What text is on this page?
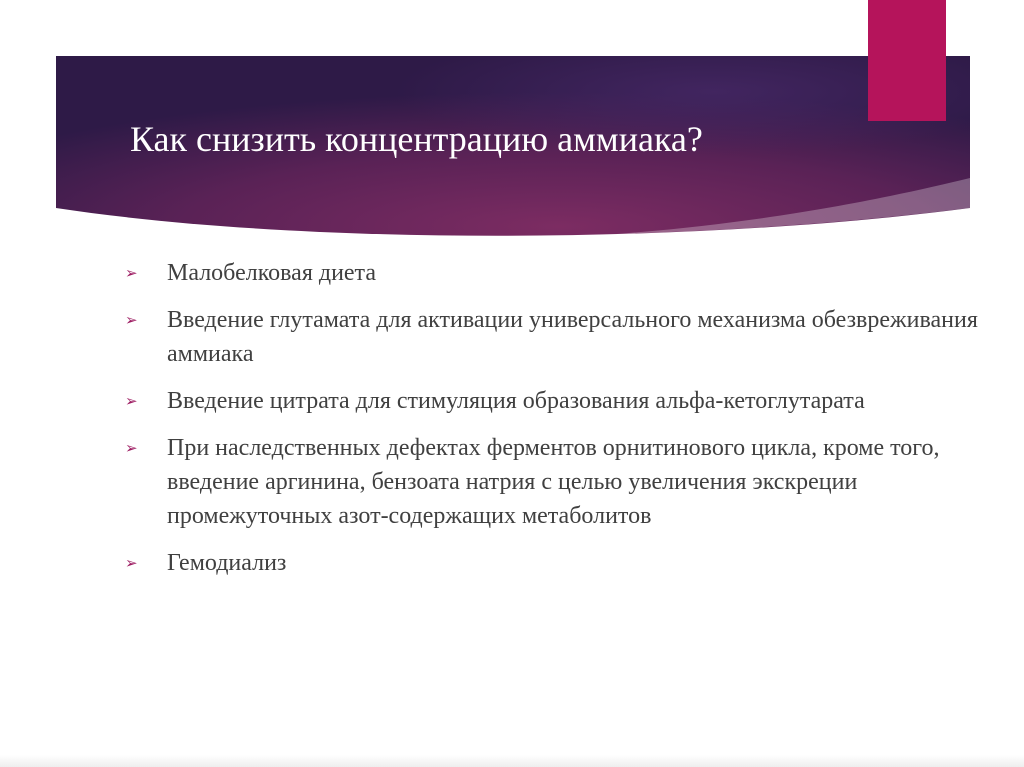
Как снизить концентрацию аммиака?
➢ Малобелковая диета
➢ Введение глутамата для активации универсального механизма обезвреживания аммиака
➢ Введение цитрата для стимуляция образования альфа-кетоглутарата
➢ При наследственных дефектах ферментов орнитинового цикла, кроме того, введение аргинина, бензоата натрия с целью увеличения экскреции промежуточных азот-содержащих метаболитов
➢ Гемодиализ
